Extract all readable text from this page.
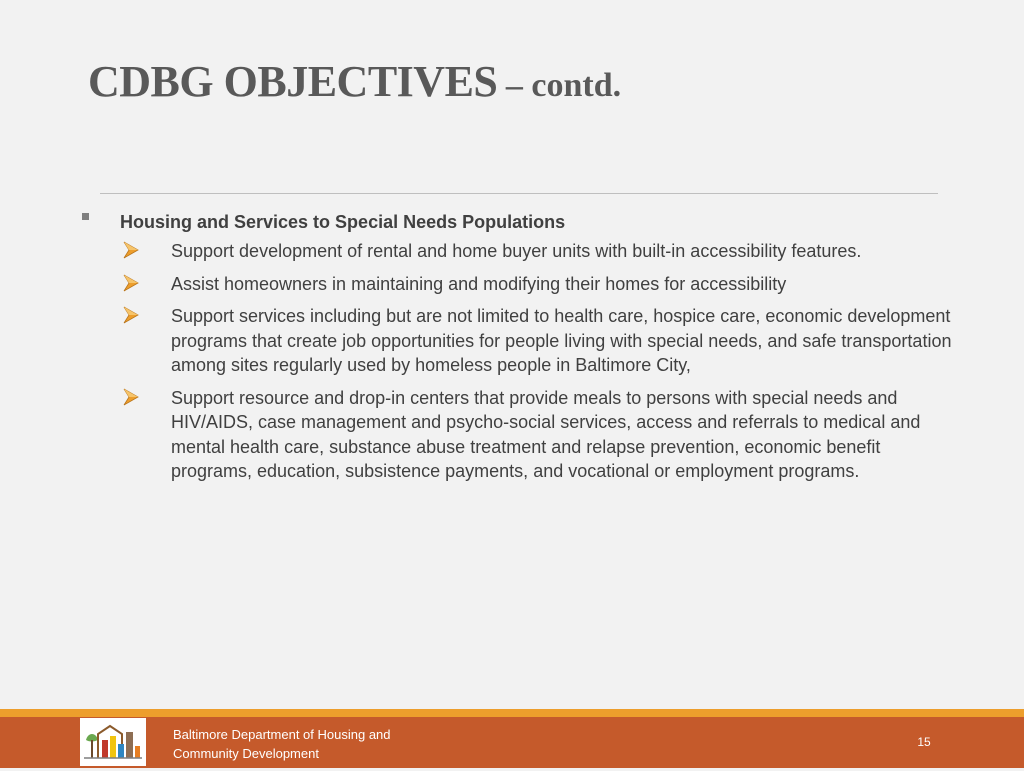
CDBG OBJECTIVES – contd.
Housing and Services to Special Needs Populations
Support development of rental and home buyer units with built-in accessibility features.
Assist homeowners in maintaining and modifying their homes for accessibility
Support services including but are not limited to health care, hospice care, economic development programs that create job opportunities for people living with special needs, and safe transportation among sites regularly used by homeless people in Baltimore City,
Support resource and drop-in centers that provide meals to persons with special needs and HIV/AIDS, case management and psycho-social services, access and referrals to medical and mental health care, substance abuse treatment and relapse prevention, economic benefit programs, education, subsistence payments, and vocational or employment programs.
Baltimore Department of Housing and
Community Development
15
